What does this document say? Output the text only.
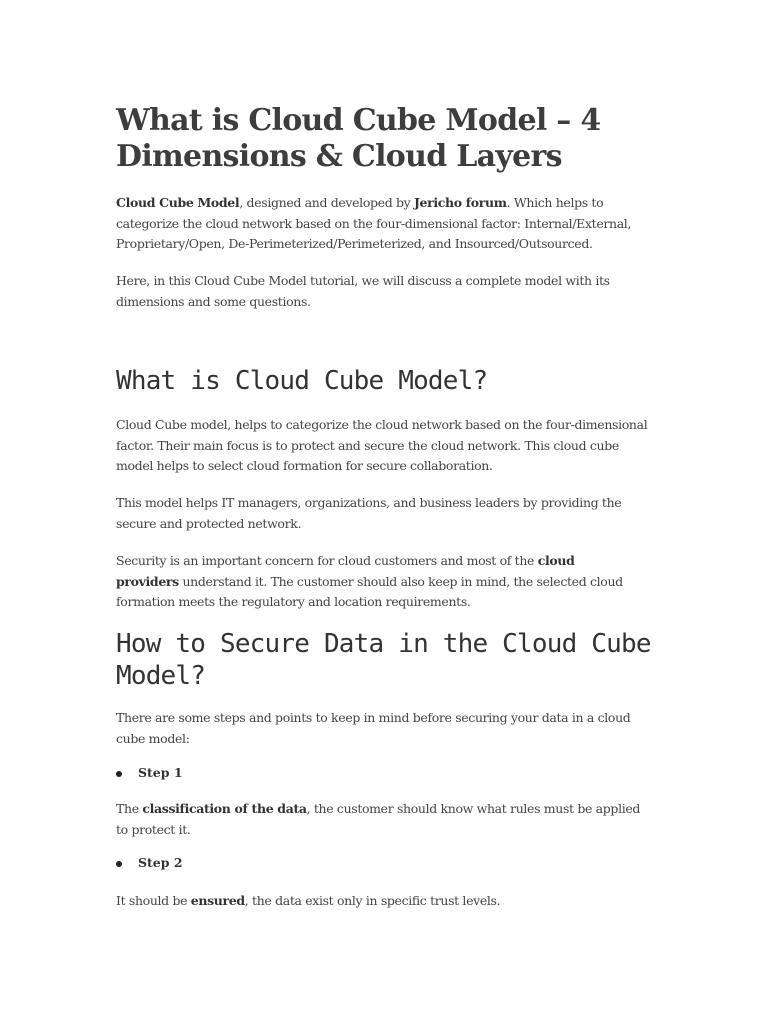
What is Cloud Cube Model – 4
Dimensions & Cloud Layers

Cloud Cube Model, designed and developed by Jericho forum. Which helps to
categorize the cloud network based on the four-dimensional factor: Internal/External,
Proprietary/Open, De-Perimeterized/Perimeterized, and Insourced/Outsourced.

Here, in this Cloud Cube Model tutorial, we will discuss a complete model with its
dimensions and some questions.

What is Cloud Cube Model?

Cloud Cube model, helps to categorize the cloud network based on the four-dimensional
factor. Their main focus is to protect and secure the cloud network. This cloud cube
model helps to select cloud formation for secure collaboration.

This model helps IT managers, organizations, and business leaders by providing the
secure and protected network.

Security is an important concern for cloud customers and most of the cloud
providers understand it. The customer should also keep in mind, the selected cloud
formation meets the regulatory and location requirements.

How to Secure Data in the Cloud Cube
Model?

There are some steps and points to keep in mind before securing your data in a cloud
cube model:

Step 1

The classification of the data, the customer should know what rules must be applied
to protect it.

Step 2

It should be ensured, the data exist only in specific trust levels.
